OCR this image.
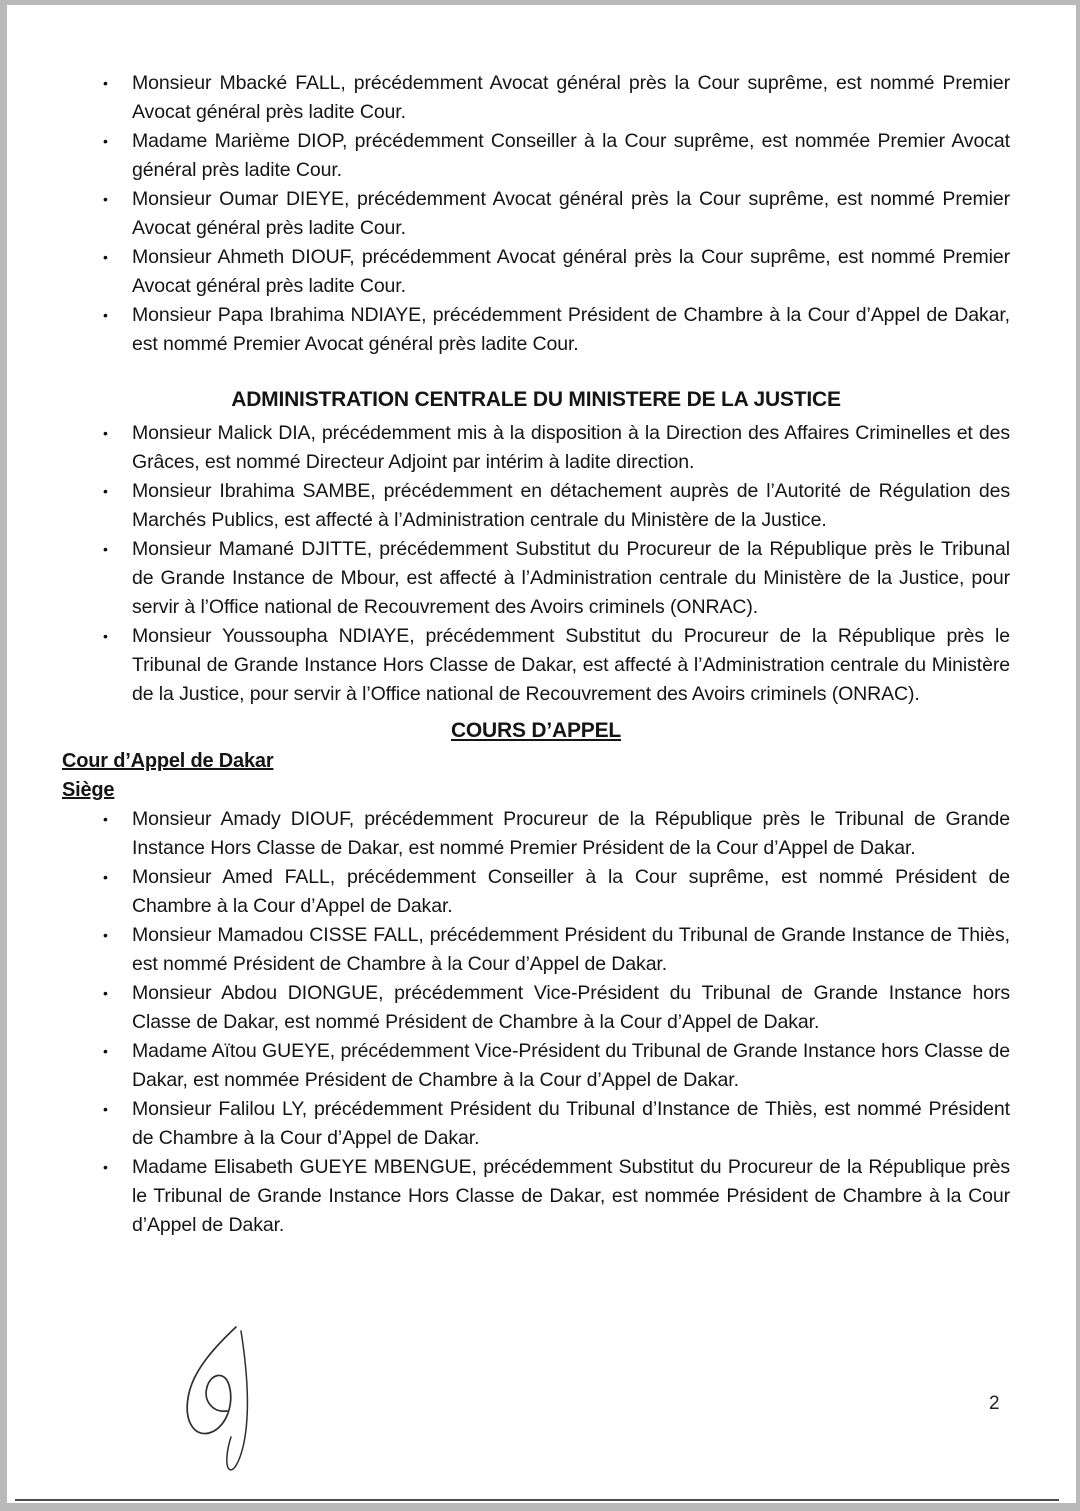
•	Monsieur Mbacké FALL, précédemment Avocat général près la Cour suprême, est nommé Premier Avocat général près ladite Cour.
•	Madame Marième DIOP, précédemment Conseiller à la Cour suprême, est nommée Premier Avocat général près ladite Cour.
•	Monsieur Oumar DIEYE, précédemment Avocat général près la Cour suprême, est nommé Premier Avocat général près ladite Cour.
•	Monsieur Ahmeth DIOUF, précédemment Avocat général près la Cour suprême, est nommé Premier Avocat général près ladite Cour.
•	Monsieur Papa Ibrahima NDIAYE, précédemment Président de Chambre à la Cour d’Appel de Dakar, est nommé Premier Avocat général près ladite Cour.
ADMINISTRATION CENTRALE DU MINISTERE DE LA JUSTICE
•	Monsieur Malick DIA, précédemment mis à la disposition à la Direction des Affaires Criminelles et des Grâces, est nommé Directeur Adjoint par intérim à ladite direction.
•	Monsieur Ibrahima SAMBE, précédemment en détachement auprès de l’Autorité de Régulation des Marchés Publics, est affecté à l’Administration centrale du Ministère de la Justice.
•	Monsieur Mamané DJITTE, précédemment Substitut du Procureur de la République près le Tribunal de Grande Instance de Mbour, est affecté à l’Administration centrale du Ministère de la Justice, pour servir à l’Office national de Recouvrement des Avoirs criminels (ONRAC).
•	Monsieur Youssoupha NDIAYE, précédemment Substitut du Procureur de la République près le Tribunal de Grande Instance Hors Classe de Dakar, est affecté à l’Administration centrale du Ministère de la Justice, pour servir à l’Office national de Recouvrement des Avoirs criminels (ONRAC).
COURS D’APPEL
Cour d’Appel de Dakar
Siège
•	Monsieur Amady DIOUF, précédemment Procureur de la République près le Tribunal de Grande Instance Hors Classe de Dakar, est nommé Premier Président de la Cour d’Appel de Dakar.
•	Monsieur Amed FALL, précédemment Conseiller à la Cour suprême, est nommé Président de Chambre à la Cour d’Appel de Dakar.
•	Monsieur Mamadou CISSE FALL, précédemment Président du Tribunal de Grande Instance de Thiès, est nommé Président de Chambre à la Cour d’Appel de Dakar.
•	Monsieur Abdou DIONGUE, précédemment Vice-Président du Tribunal de Grande Instance hors Classe de Dakar, est nommé Président de Chambre à la Cour d’Appel de Dakar.
•	Madame Aïtou GUEYE, précédemment Vice-Président du Tribunal de Grande Instance hors Classe de Dakar, est nommée Président de Chambre à la Cour d’Appel de Dakar.
•	Monsieur Falilou LY, précédemment Président du Tribunal d’Instance de Thiès, est nommé Président de Chambre à la Cour d’Appel de Dakar.
•	Madame Elisabeth GUEYE MBENGUE, précédemment Substitut du Procureur de la République près le Tribunal de Grande Instance Hors Classe de Dakar, est nommée Président de Chambre à la Cour d’Appel de Dakar.
2
